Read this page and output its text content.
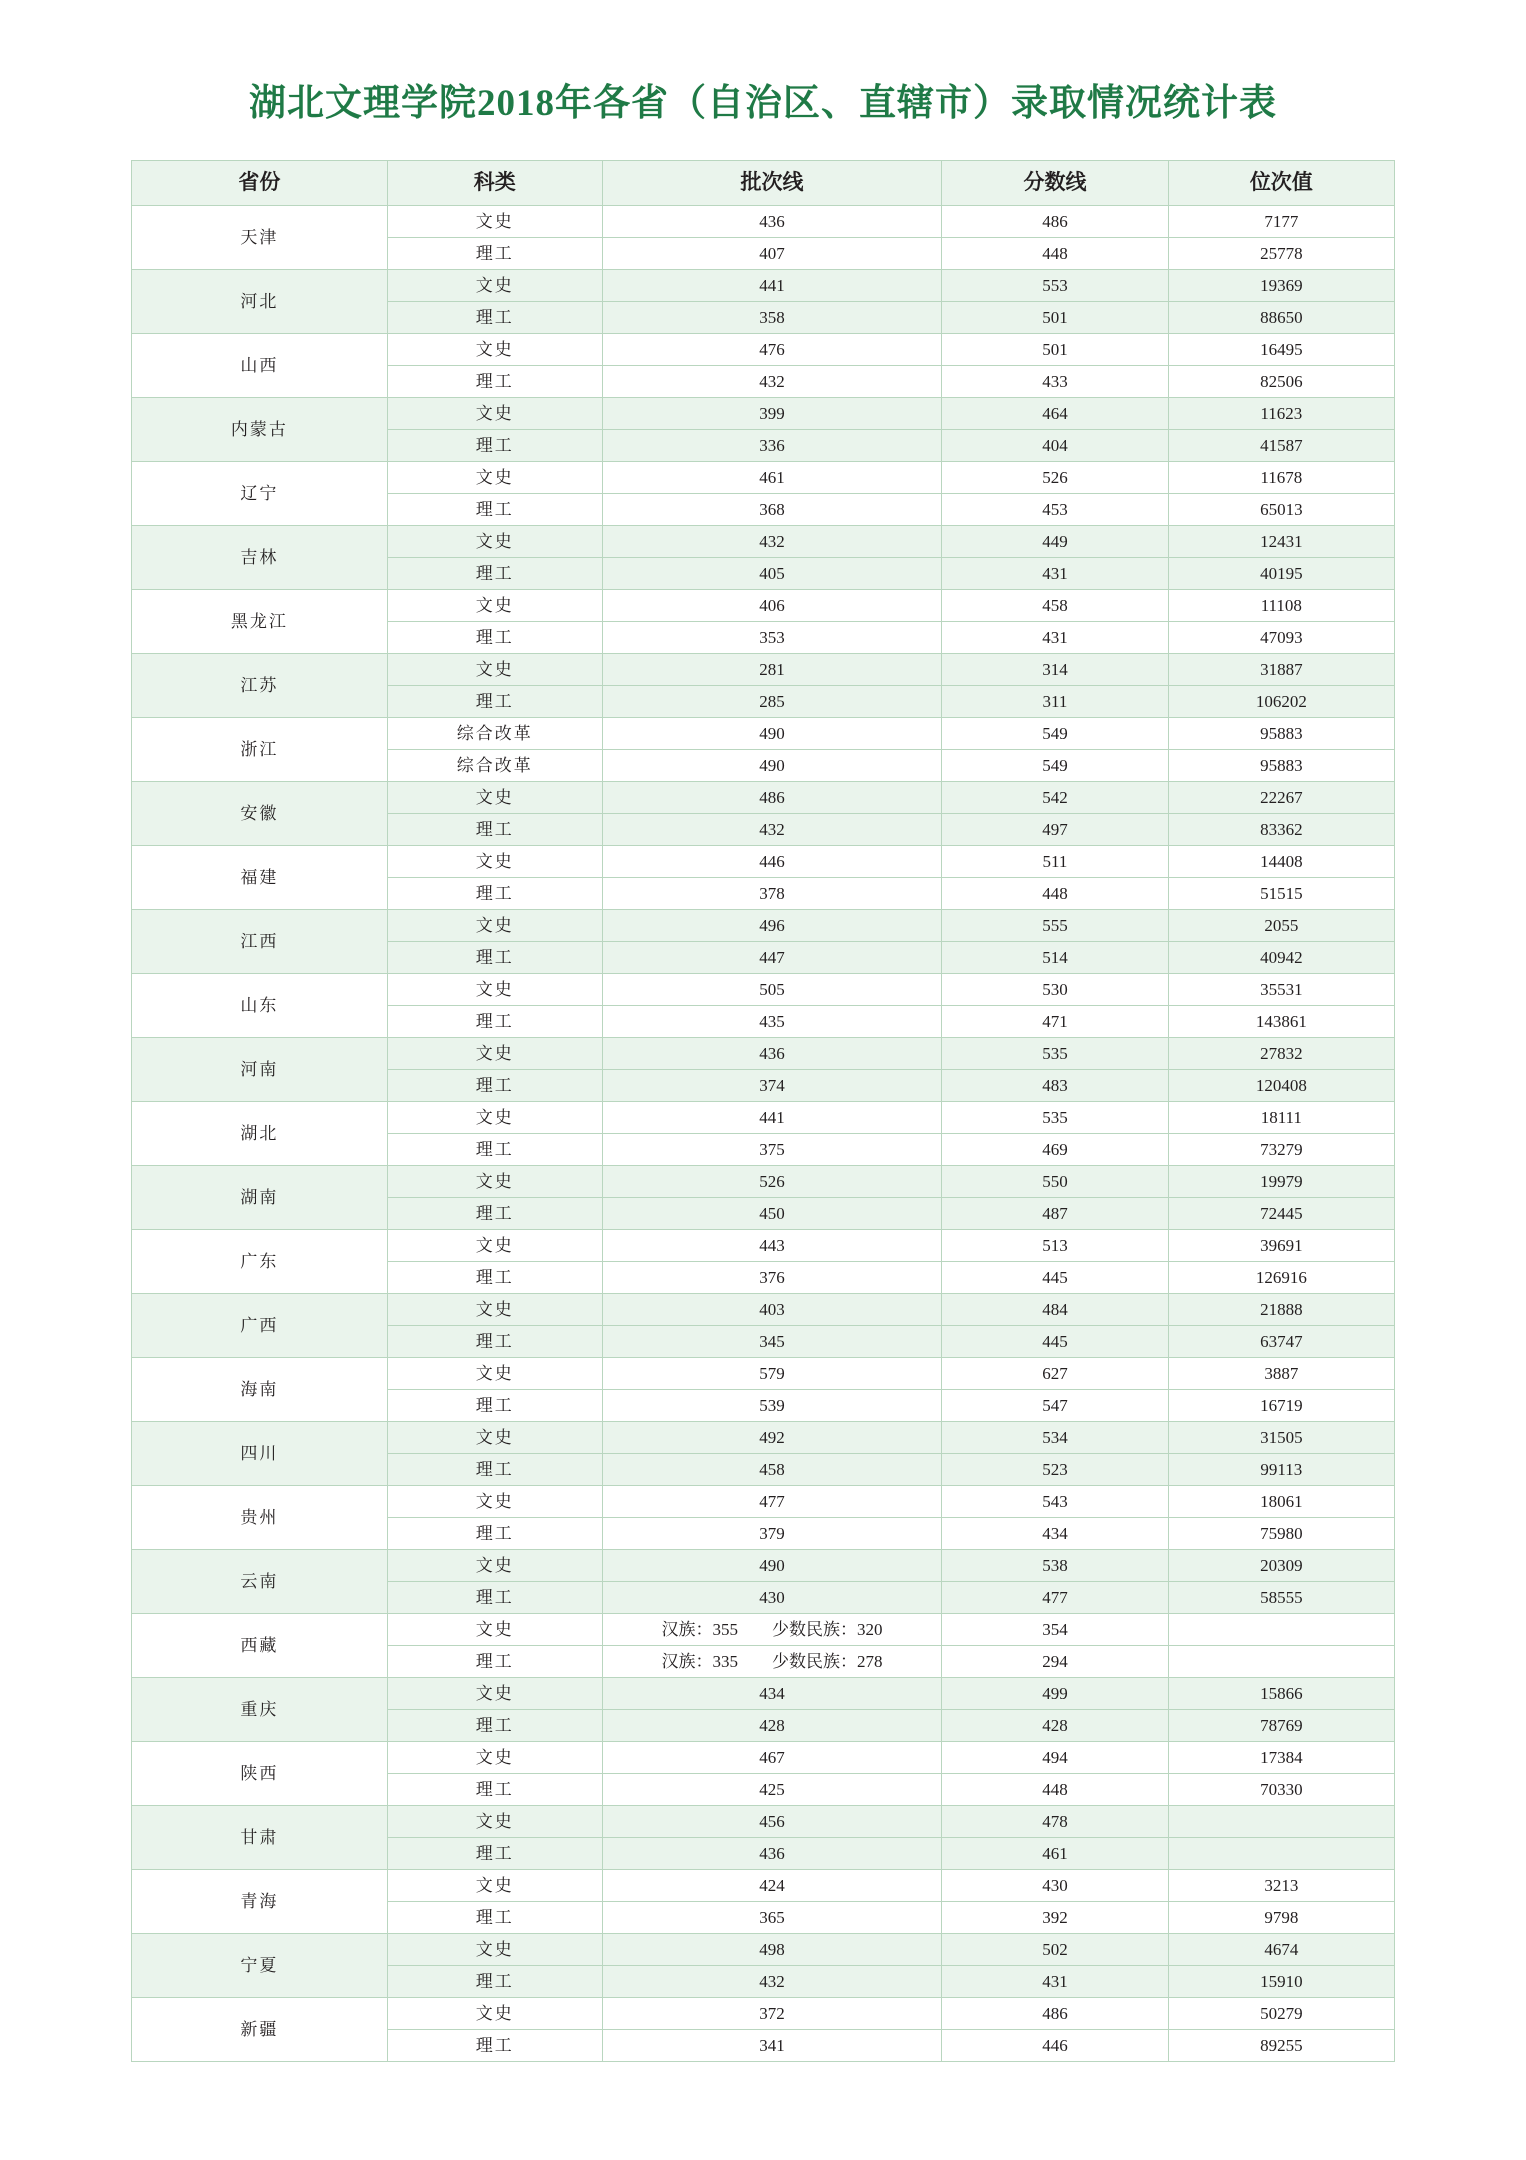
湖北文理学院2018年各省（自治区、直辖市）录取情况统计表
省份	科类	批次线	分数线	位次值
天津	文史	436	486	7177
	理工	407	448	25778
河北	文史	441	553	19369
	理工	358	501	88650
山西	文史	476	501	16495
	理工	432	433	82506
内蒙古	文史	399	464	11623
	理工	336	404	41587
辽宁	文史	461	526	11678
	理工	368	453	65013
吉林	文史	432	449	12431
	理工	405	431	40195
黑龙江	文史	406	458	11108
	理工	353	431	47093
江苏	文史	281	314	31887
	理工	285	311	106202
浙江	综合改革	490	549	95883
	综合改革	490	549	95883
安徽	文史	486	542	22267
	理工	432	497	83362
福建	文史	446	511	14408
	理工	378	448	51515
江西	文史	496	555	2055
	理工	447	514	40942
山东	文史	505	530	35531
	理工	435	471	143861
河南	文史	436	535	27832
	理工	374	483	120408
湖北	文史	441	535	18111
	理工	375	469	73279
湖南	文史	526	550	19979
	理工	450	487	72445
广东	文史	443	513	39691
	理工	376	445	126916
广西	文史	403	484	21888
	理工	345	445	63747
海南	文史	579	627	3887
	理工	539	547	16719
四川	文史	492	534	31505
	理工	458	523	99113
贵州	文史	477	543	18061
	理工	379	434	75980
云南	文史	490	538	20309
	理工	430	477	58555
西藏	文史	汉族：355 少数民族：320	354	
	理工	汉族：335 少数民族：278	294	
重庆	文史	434	499	15866
	理工	428	428	78769
陕西	文史	467	494	17384
	理工	425	448	70330
甘肃	文史	456	478	
	理工	436	461	
青海	文史	424	430	3213
	理工	365	392	9798
宁夏	文史	498	502	4674
	理工	432	431	15910
新疆	文史	372	486	50279
	理工	341	446	89255
